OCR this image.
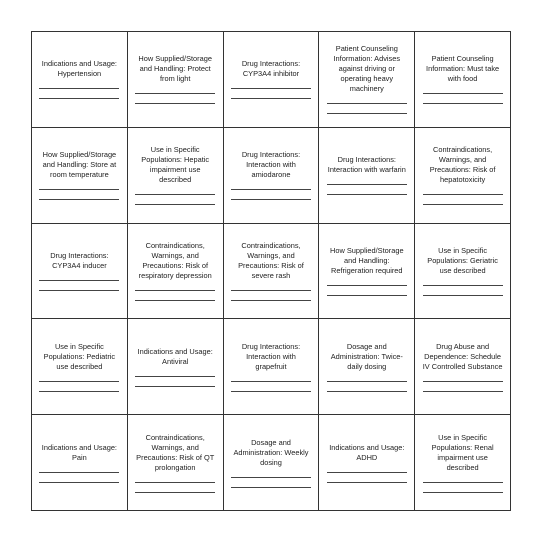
Indications and Usage: Hypertension
How Supplied/Storage and Handling: Protect from light
Drug Interactions: CYP3A4 inhibitor
Patient Counseling Information: Advises against driving or operating heavy machinery
Patient Counseling Information: Must take with food
How Supplied/Storage and Handling: Store at room temperature
Use in Specific Populations: Hepatic impairment use described
Drug Interactions: Interaction with amiodarone
Drug Interactions: Interaction with warfarin
Contraindications, Warnings, and Precautions: Risk of hepatotoxicity
Drug Interactions: CYP3A4 inducer
Contraindications, Warnings, and Precautions: Risk of respiratory depression
Contraindications, Warnings, and Precautions: Risk of severe rash
How Supplied/Storage and Handling: Refrigeration required
Use in Specific Populations: Geriatric use described
Use in Specific Populations: Pediatric use described
Indications and Usage: Antiviral
Drug Interactions: Interaction with grapefruit
Dosage and Administration: Twice-daily dosing
Drug Abuse and Dependence: Schedule IV Controlled Substance
Indications and Usage: Pain
Contraindications, Warnings, and Precautions: Risk of QT prolongation
Dosage and Administration: Weekly dosing
Indications and Usage: ADHD
Use in Specific Populations: Renal impairment use described
